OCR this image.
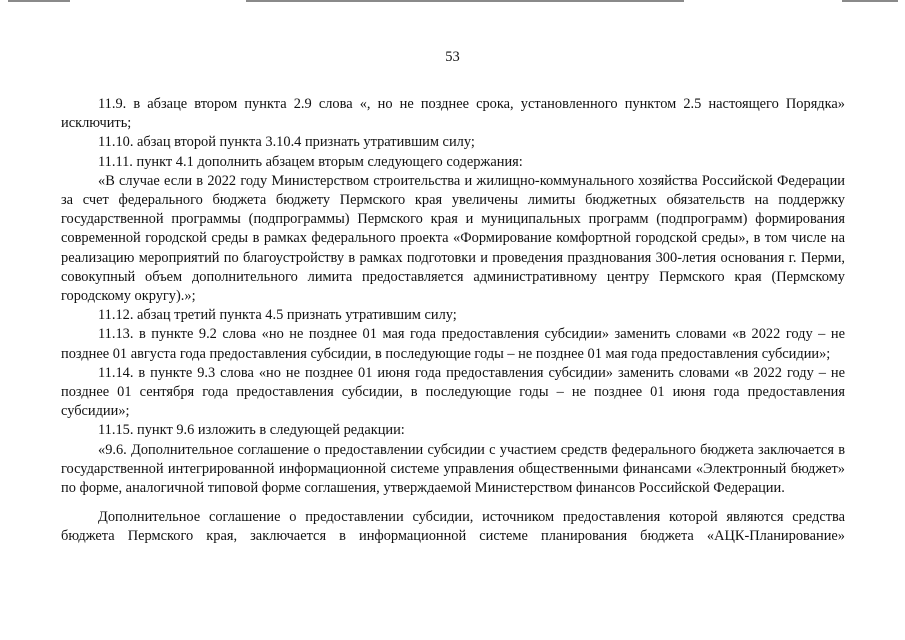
53

11.9. в абзаце втором пункта 2.9 слова «, но не позднее срока, установленного пунктом 2.5 настоящего Порядка» исключить;

11.10. абзац второй пункта 3.10.4 признать утратившим силу;

11.11. пункт 4.1 дополнить абзацем вторым следующего содержания:

«В случае если в 2022 году Министерством строительства и жилищно-коммунального хозяйства Российской Федерации за счет федерального бюджета бюджету Пермского края увеличены лимиты бюджетных обязательств на поддержку государственной программы (подпрограммы) Пермского края и муниципальных программ (подпрограмм) формирования современной городской среды в рамках федерального проекта «Формирование комфортной городской среды», в том числе на реализацию мероприятий по благоустройству в рамках подготовки и проведения празднования 300-летия основания г. Перми, совокупный объем дополнительного лимита предоставляется административному центру Пермского края (Пермскому городскому округу).»;

11.12. абзац третий пункта 4.5 признать утратившим силу;

11.13. в пункте 9.2 слова «но не позднее 01 мая года предоставления субсидии» заменить словами «в 2022 году – не позднее 01 августа года предоставления субсидии, в последующие годы – не позднее 01 мая года предоставления субсидии»;

11.14. в пункте 9.3 слова «но не позднее 01 июня года предоставления субсидии» заменить словами «в 2022 году – не позднее 01 сентября года предоставления субсидии, в последующие годы – не позднее 01 июня года предоставления субсидии»;

11.15. пункт 9.6 изложить в следующей редакции:

«9.6. Дополнительное соглашение о предоставлении субсидии с участием средств федерального бюджета заключается в государственной интегрированной информационной системе управления общественными финансами «Электронный бюджет» по форме, аналогичной типовой форме соглашения, утверждаемой Министерством финансов Российской Федерации.

Дополнительное соглашение о предоставлении субсидии, источником предоставления которой являются средства бюджета Пермского края, заключается в информационной системе планирования бюджета «АЦК-Планирование»
